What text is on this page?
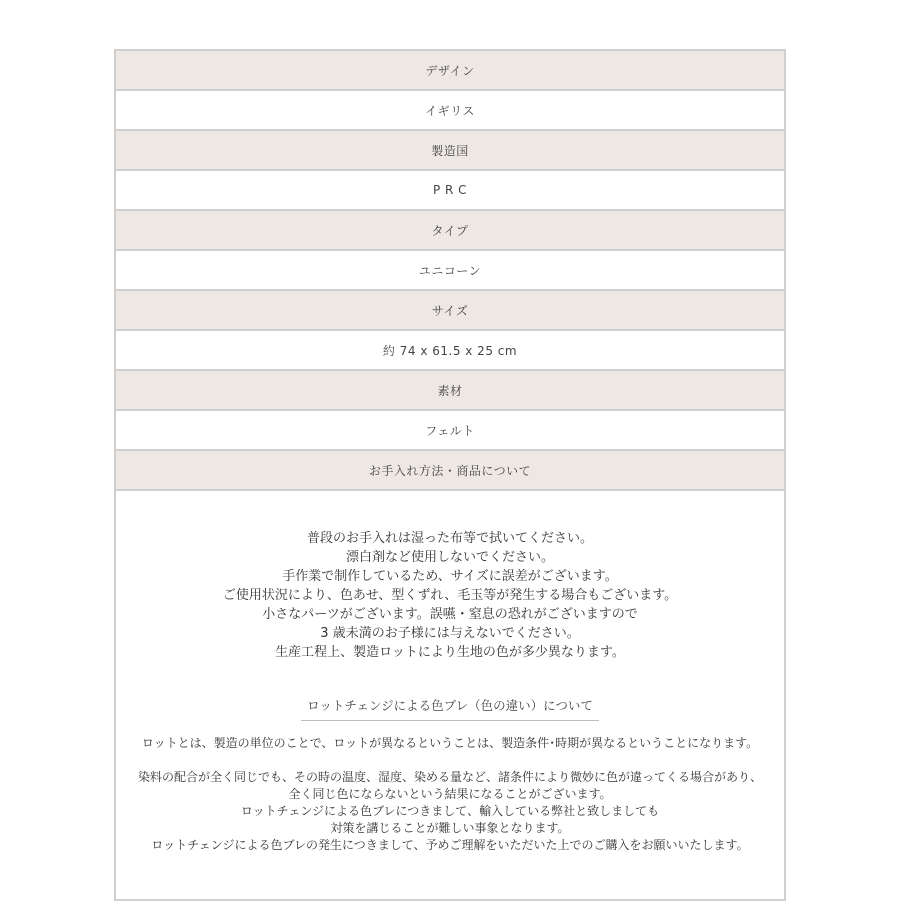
デザイン
イギリス
製造国
P R C
タイプ
ユニコーン
サイズ
約 74 x 61.5 x 25 cm
素材
フェルト
お手入れ方法・商品について
普段のお手入れは湿った布等で拭いてください。
漂白剤など使用しないでください。
手作業で制作しているため、サイズに誤差がございます。
ご使用状況により、色あせ、型くずれ、毛玉等が発生する場合もございます。
小さなパーツがございます。誤嚥・窒息の恐れがございますので
3 歳未満のお子様には与えないでください。
生産工程上、製造ロットにより生地の色が多少異なります。
ロットチェンジによる色ブレ（色の違い）について
ロットとは、製造の単位のことで、ロットが異なるということは、製造条件･時期が異なるということになります。
染料の配合が全く同じでも、その時の温度、湿度、染める量など、諸条件により微妙に色が違ってくる場合があり、
全く同じ色にならないという結果になることがございます。
ロットチェンジによる色ブレにつきまして、輸入している弊社と致しましても
対策を講じることが難しい事象となります。
ロットチェンジによる色ブレの発生につきまして、予めご理解をいただいた上でのご購入をお願いいたします。
